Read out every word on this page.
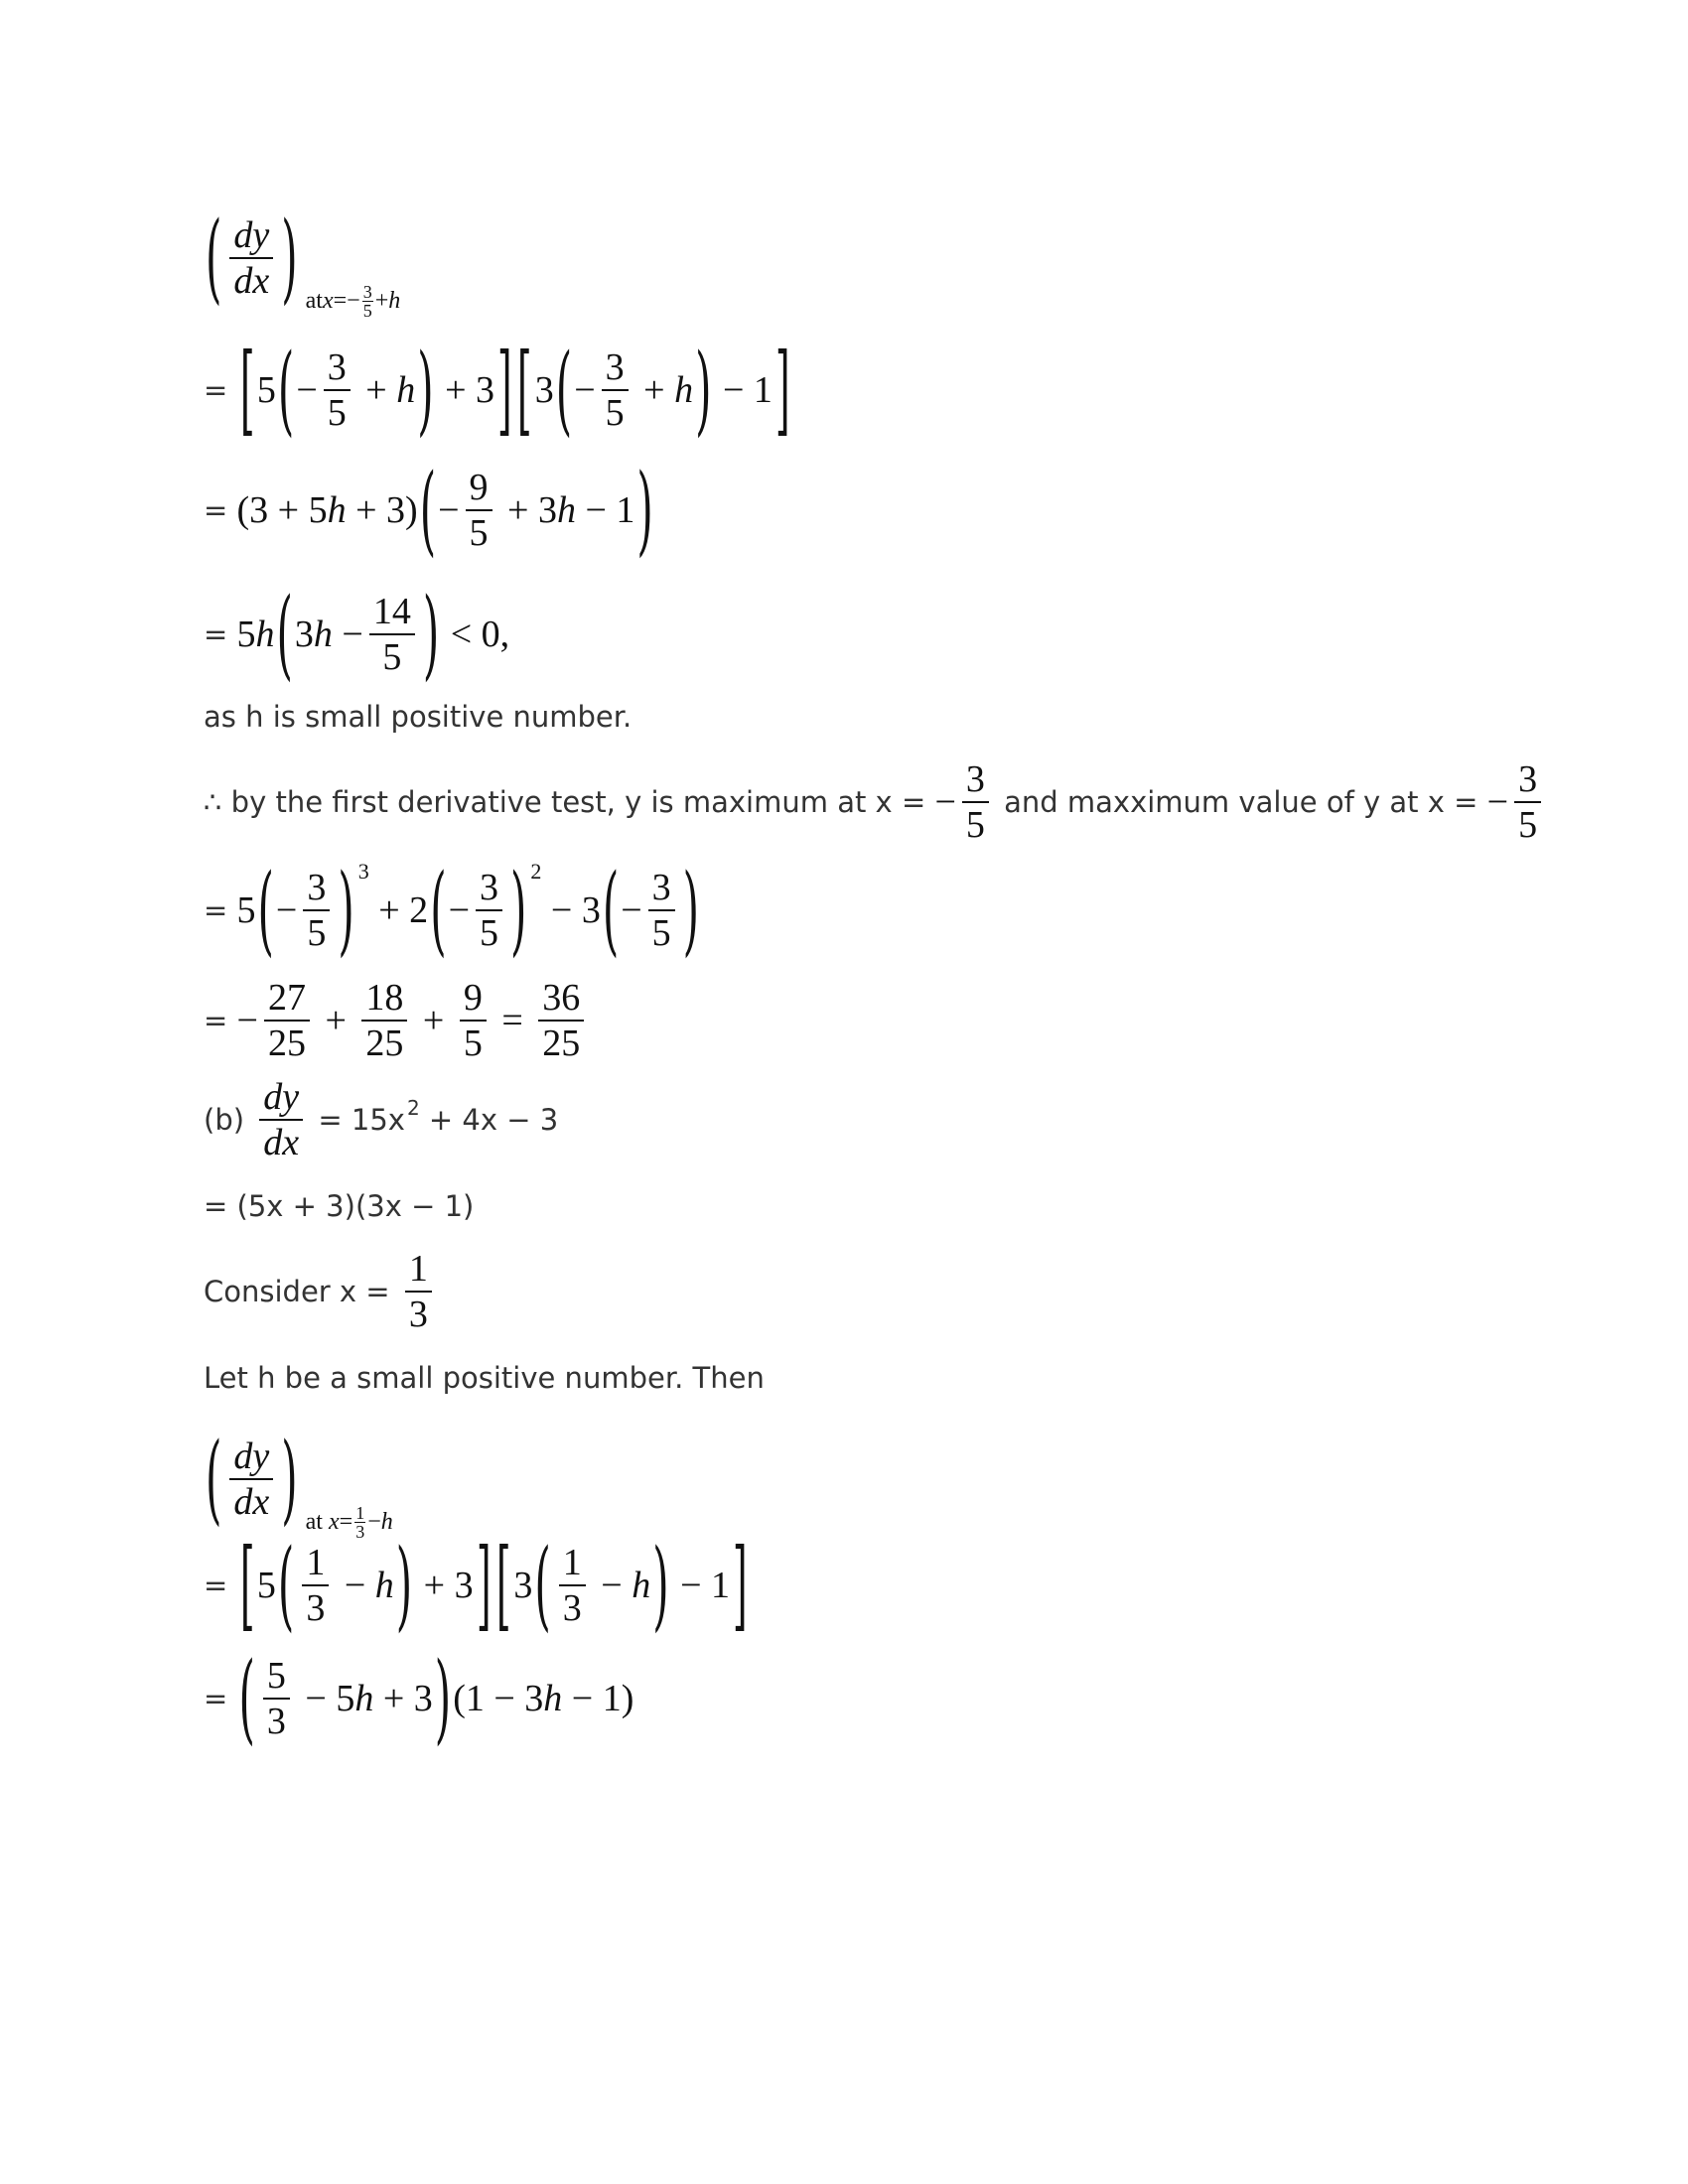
( $\frac{dy}{dx}$ ) at $x =- \frac{3}{5} + h$
= [ 5 ( − $\frac{3}{5} + h$ ) + 3 ] [ 3 ( − $\frac{3}{5} + h$ ) − 1 ]
= (3 + 5 h + 3) ( − $\frac{9}{5} + 3$ h − 1 )
= 5 h ( 3 $h - \frac{14}{5}$ ) < 0,
as h is small positive number.
∴ by the first derivative test, y is maximum at x = − $\frac{3}{5}$ and maxximum value of y at x = − $\frac{3}{5}$
= 5 ( − $\frac{3}{5}$ ) 3
+ 2 ( − $\frac{3}{5}$ ) 2
− 3 ( − $\frac{3}{5}$ )
= − $\frac{27}{25} + \frac{18}{25} + \frac{9}{5} = \frac{36}{25}$
$(b) \frac{dy}{dx} = 15x$ 2 + 4x − 3
= (5x + 3)(3x − 1)
Consider $x = \frac{1}{3}$
Let h be a small positive number. Then
( $\frac{dy}{dx}$ ) at $x = \frac{1}{3} - h$
= [ 5 ( $\frac{1}{3} - h$ ) + 3 ] [ 3 ( $\frac{1}{3} - h$ ) − 1 ]
= ( $\frac{5}{3} - 5$ h + 3 ) (1 − 3 h − 1)
